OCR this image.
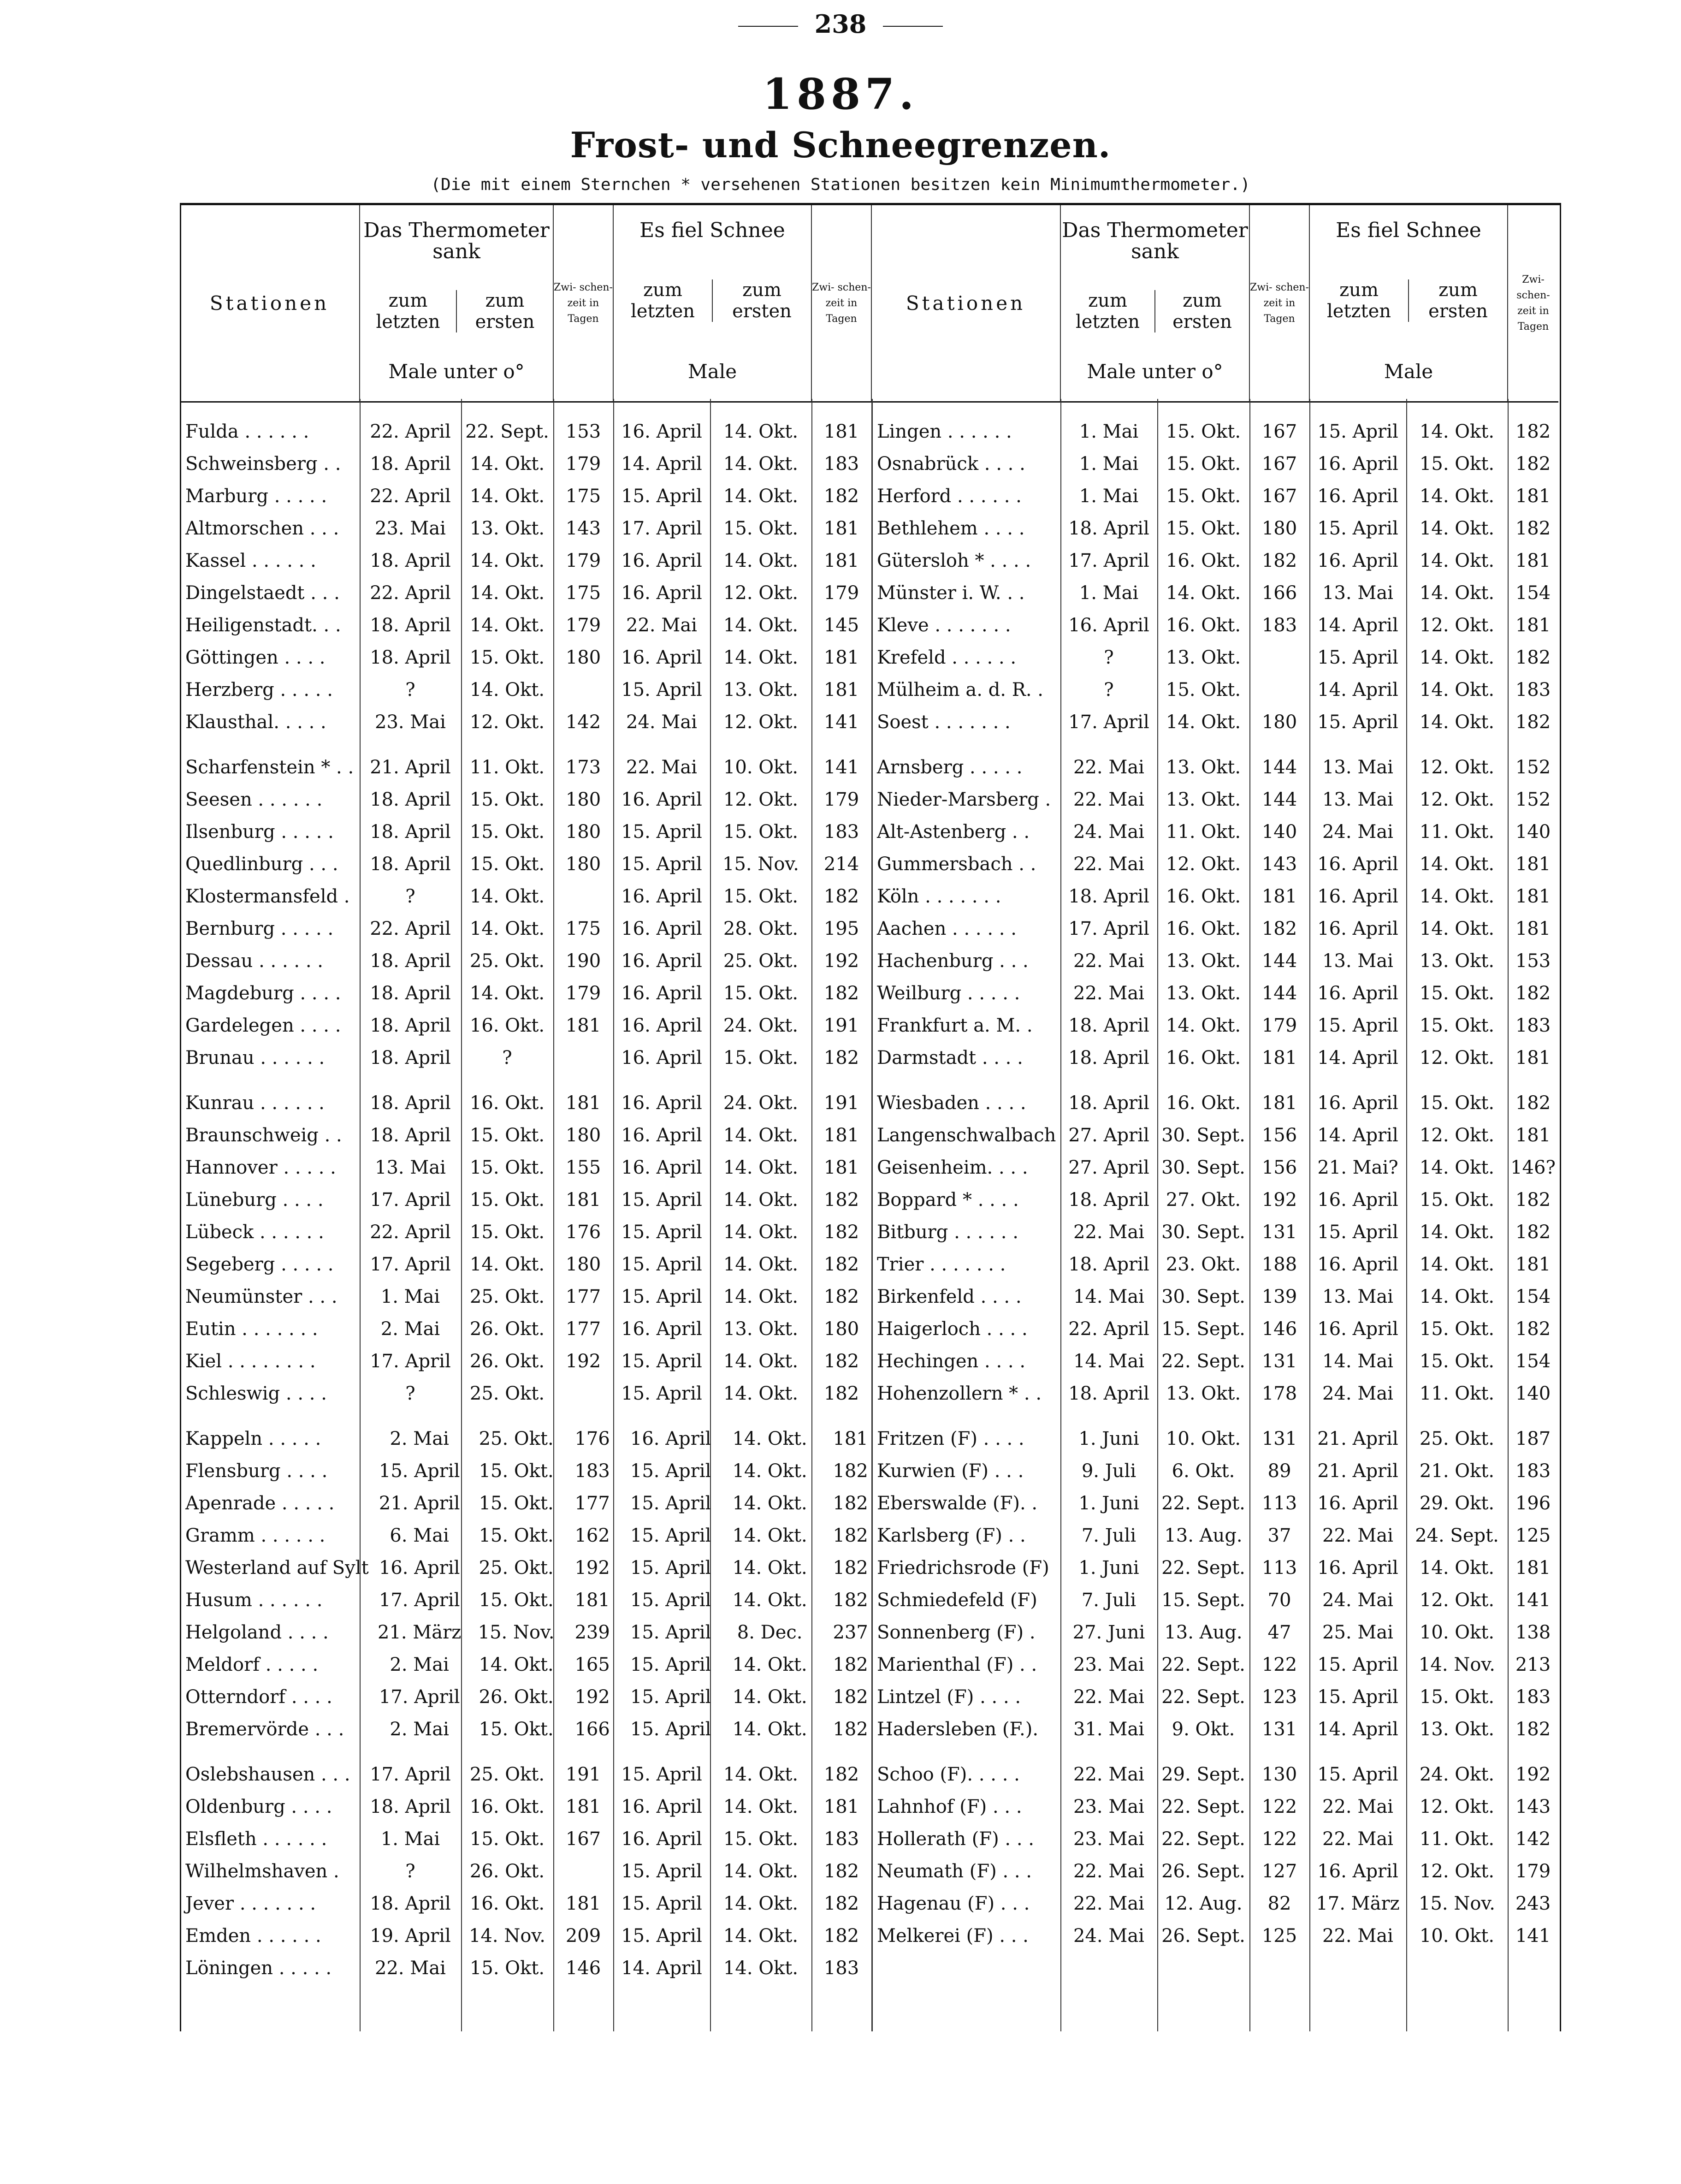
238
1887.
Frost- und Schneegrenzen.
(Die mit einem Sternchen * versehenen Stationen besitzen kein Minimumthermometer.)
Stationen	
Das Thermometer sank
zum letzten
zum ersten
Male unter o°

Zwi- schen- zeit in Tagen

Es fiel Schnee
zum letzten
zum ersten
Male

Zwi- schen- zeit in Tagen
Fulda . . . . . .	22. April	22. Sept.	153	16. April	14. Okt.	181
Schweinsberg . .	18. April	14. Okt.	179	14. April	14. Okt.	183
Marburg . . . . .	22. April	14. Okt.	175	15. April	14. Okt.	182
Altmorschen . . .	23. Mai	13. Okt.	143	17. April	15. Okt.	181
Kassel . . . . . .	18. April	14. Okt.	179	16. April	14. Okt.	181
Dingelstaedt . . .	22. April	14. Okt.	175	16. April	12. Okt.	179
Heiligenstadt. . .	18. April	14. Okt.	179	22. Mai	14. Okt.	145
Göttingen . . . .	18. April	15. Okt.	180	16. April	14. Okt.	181
Herzberg . . . . .	?	14. Okt.		15. April	13. Okt.	181
Klausthal. . . . .	23. Mai	12. Okt.	142	24. Mai	12. Okt.	141
Scharfenstein * . .	21. April	11. Okt.	173	22. Mai	10. Okt.	141
Seesen . . . . . .	18. April	15. Okt.	180	16. April	12. Okt.	179
Ilsenburg . . . . .	18. April	15. Okt.	180	15. April	15. Okt.	183
Quedlinburg . . .	18. April	15. Okt.	180	15. April	15. Nov.	214
Klostermansfeld .	?	14. Okt.		16. April	15. Okt.	182
Bernburg . . . . .	22. April	14. Okt.	175	16. April	28. Okt.	195
Dessau . . . . . .	18. April	25. Okt.	190	16. April	25. Okt.	192
Magdeburg . . . .	18. April	14. Okt.	179	16. April	15. Okt.	182
Gardelegen . . . .	18. April	16. Okt.	181	16. April	24. Okt.	191
Brunau . . . . . .	18. April	?		16. April	15. Okt.	182
Kunrau . . . . . .	18. April	16. Okt.	181	16. April	24. Okt.	191
Braunschweig . .	18. April	15. Okt.	180	16. April	14. Okt.	181
Hannover . . . . .	13. Mai	15. Okt.	155	16. April	14. Okt.	181
Lüneburg . . . .	17. April	15. Okt.	181	15. April	14. Okt.	182
Lübeck . . . . . .	22. April	15. Okt.	176	15. April	14. Okt.	182
Segeberg . . . . .	17. April	14. Okt.	180	15. April	14. Okt.	182
Neumünster . . .	1. Mai	25. Okt.	177	15. April	14. Okt.	182
Eutin . . . . . . .	2. Mai	26. Okt.	177	16. April	13. Okt.	180
Kiel . . . . . . . .	17. April	26. Okt.	192	15. April	14. Okt.	182
Schleswig . . . .	?	25. Okt.		15. April	14. Okt.	182
Kappeln . . . . .	2. Mai	25. Okt.	176	16. April	14. Okt.	181
Flensburg . . . .	15. April	15. Okt.	183	15. April	14. Okt.	182
Apenrade . . . . .	21. April	15. Okt.	177	15. April	14. Okt.	182
Gramm . . . . . .	6. Mai	15. Okt.	162	15. April	14. Okt.	182
Westerland auf Sylt	16. April	25. Okt.	192	15. April	14. Okt.	182
Husum . . . . . .	17. April	15. Okt.	181	15. April	14. Okt.	182
Helgoland . . . .	21. März	15. Nov.	239	15. April	8. Dec.	237
Meldorf . . . . .	2. Mai	14. Okt.	165	15. April	14. Okt.	182
Otterndorf . . . .	17. April	26. Okt.	192	15. April	14. Okt.	182
Bremervörde . . .	2. Mai	15. Okt.	166	15. April	14. Okt.	182
Oslebshausen . . .	17. April	25. Okt.	191	15. April	14. Okt.	182
Oldenburg . . . .	18. April	16. Okt.	181	16. April	14. Okt.	181
Elsfleth . . . . . .	1. Mai	15. Okt.	167	16. April	15. Okt.	183
Wilhelmshaven .	?	26. Okt.		15. April	14. Okt.	182
Jever . . . . . . .	18. April	16. Okt.	181	15. April	14. Okt.	182
Emden . . . . . .	19. April	14. Nov.	209	15. April	14. Okt.	182
Löningen . . . . .	22. Mai	15. Okt.	146	14. April	14. Okt.	183
Stationen	
Das Thermometer sank
zum letzten
zum ersten
Male unter o°

Zwi- schen- zeit in Tagen

Es fiel Schnee
zum letzten
zum ersten
Male

Zwi- schen- zeit in Tagen
Lingen . . . . . .	1. Mai	15. Okt.	167	15. April	14. Okt.	182
Osnabrück . . . .	1. Mai	15. Okt.	167	16. April	15. Okt.	182
Herford . . . . . .	1. Mai	15. Okt.	167	16. April	14. Okt.	181
Bethlehem . . . .	18. April	15. Okt.	180	15. April	14. Okt.	182
Gütersloh * . . . .	17. April	16. Okt.	182	16. April	14. Okt.	181
Münster i. W. . .	1. Mai	14. Okt.	166	13. Mai	14. Okt.	154
Kleve . . . . . . .	16. April	16. Okt.	183	14. April	12. Okt.	181
Krefeld . . . . . .	?	13. Okt.		15. April	14. Okt.	182
Mülheim a. d. R. .	?	15. Okt.		14. April	14. Okt.	183
Soest . . . . . . .	17. April	14. Okt.	180	15. April	14. Okt.	182
Arnsberg . . . . .	22. Mai	13. Okt.	144	13. Mai	12. Okt.	152
Nieder-Marsberg .	22. Mai	13. Okt.	144	13. Mai	12. Okt.	152
Alt-Astenberg . .	24. Mai	11. Okt.	140	24. Mai	11. Okt.	140
Gummersbach . .	22. Mai	12. Okt.	143	16. April	14. Okt.	181
Köln . . . . . . .	18. April	16. Okt.	181	16. April	14. Okt.	181
Aachen . . . . . .	17. April	16. Okt.	182	16. April	14. Okt.	181
Hachenburg . . .	22. Mai	13. Okt.	144	13. Mai	13. Okt.	153
Weilburg . . . . .	22. Mai	13. Okt.	144	16. April	15. Okt.	182
Frankfurt a. M. .	18. April	14. Okt.	179	15. April	15. Okt.	183
Darmstadt . . . .	18. April	16. Okt.	181	14. April	12. Okt.	181
Wiesbaden . . . .	18. April	16. Okt.	181	16. April	15. Okt.	182
Langenschwalbach	27. April	30. Sept.	156	14. April	12. Okt.	181
Geisenheim. . . .	27. April	30. Sept.	156	21. Mai?	14. Okt.	146?
Boppard * . . . .	18. April	27. Okt.	192	16. April	15. Okt.	182
Bitburg . . . . . .	22. Mai	30. Sept.	131	15. April	14. Okt.	182
Trier . . . . . . .	18. April	23. Okt.	188	16. April	14. Okt.	181
Birkenfeld . . . .	14. Mai	30. Sept.	139	13. Mai	14. Okt.	154
Haigerloch . . . .	22. April	15. Sept.	146	16. April	15. Okt.	182
Hechingen . . . .	14. Mai	22. Sept.	131	14. Mai	15. Okt.	154
Hohenzollern * . .	18. April	13. Okt.	178	24. Mai	11. Okt.	140
Fritzen (F) . . . .	1. Juni	10. Okt.	131	21. April	25. Okt.	187
Kurwien (F) . . .	9. Juli	6. Okt.	89	21. April	21. Okt.	183
Eberswalde (F). .	1. Juni	22. Sept.	113	16. April	29. Okt.	196
Karlsberg (F) . .	7. Juli	13. Aug.	37	22. Mai	24. Sept.	125
Friedrichsrode (F)	1. Juni	22. Sept.	113	16. April	14. Okt.	181
Schmiedefeld (F)	7. Juli	15. Sept.	70	24. Mai	12. Okt.	141
Sonnenberg (F) .	27. Juni	13. Aug.	47	25. Mai	10. Okt.	138
Marienthal (F) . .	23. Mai	22. Sept.	122	15. April	14. Nov.	213
Lintzel (F) . . . .	22. Mai	22. Sept.	123	15. April	15. Okt.	183
Hadersleben (F.).	31. Mai	9. Okt.	131	14. April	13. Okt.	182
Schoo (F). . . . .	22. Mai	29. Sept.	130	15. April	24. Okt.	192
Lahnhof (F) . . .	23. Mai	22. Sept.	122	22. Mai	12. Okt.	143
Hollerath (F) . . .	23. Mai	22. Sept.	122	22. Mai	11. Okt.	142
Neumath (F) . . .	22. Mai	26. Sept.	127	16. April	12. Okt.	179
Hagenau (F) . . .	22. Mai	12. Aug.	82	17. März	15. Nov.	243
Melkerei (F) . . .	24. Mai	26. Sept.	125	22. Mai	10. Okt.	141
